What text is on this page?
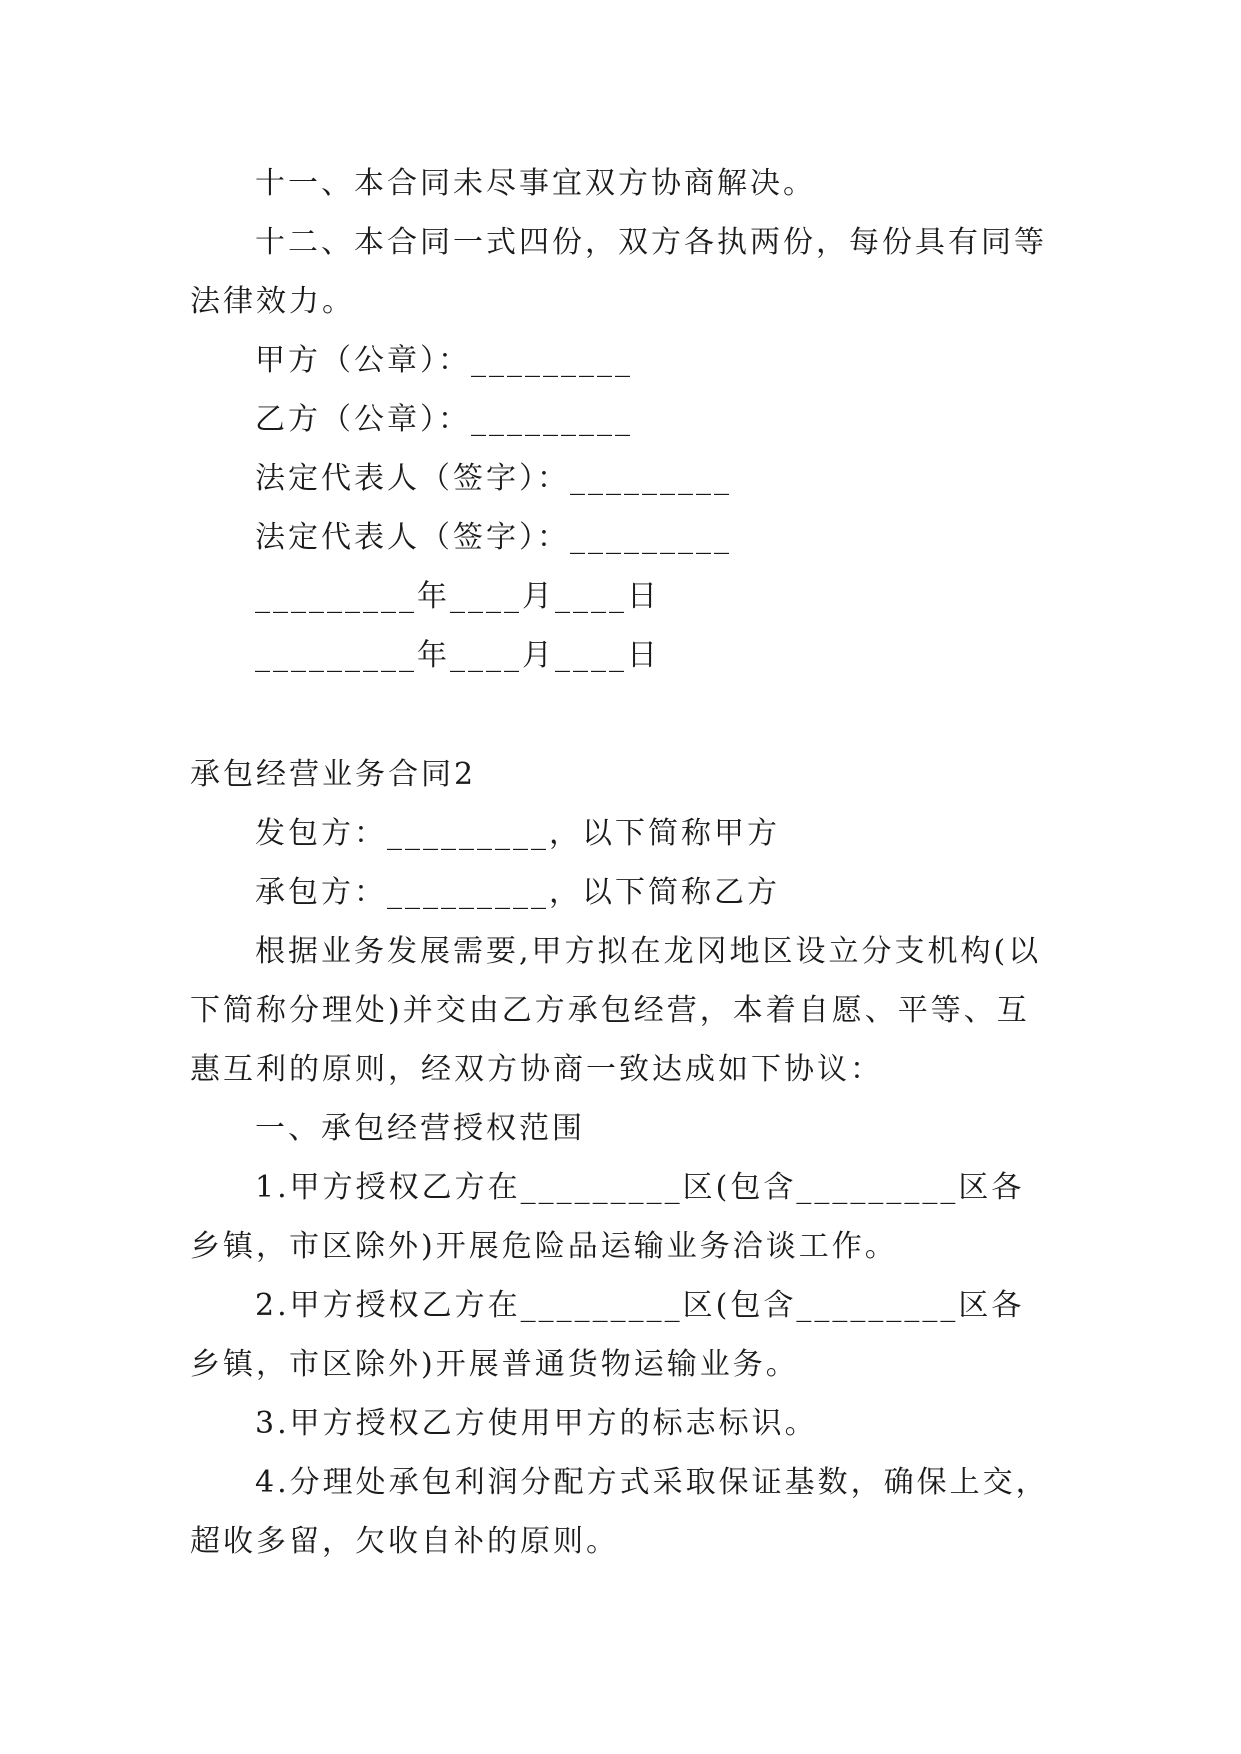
十一、本合同未尽事宜双方协商解决。

十二、本合同一式四份，双方各执两份，每份具有同等法律效力。

甲方（公章）：_________

乙方（公章）：_________

法定代表人（签字）：_________

法定代表人（签字）：_________

_________年____月____日

_________年____月____日

承包经营业务合同2

发包方：_________，以下简称甲方

承包方：_________，以下简称乙方

根据业务发展需要,甲方拟在龙冈地区设立分支机构(以下简称分理处)并交由乙方承包经营，本着自愿、平等、互惠互利的原则，经双方协商一致达成如下协议：

一、承包经营授权范围

1.甲方授权乙方在_________区(包含_________区各乡镇，市区除外)开展危险品运输业务洽谈工作。

2.甲方授权乙方在_________区(包含_________区各乡镇，市区除外)开展普通货物运输业务。

3.甲方授权乙方使用甲方的标志标识。

4.分理处承包利润分配方式采取保证基数，确保上交，超收多留，欠收自补的原则。
